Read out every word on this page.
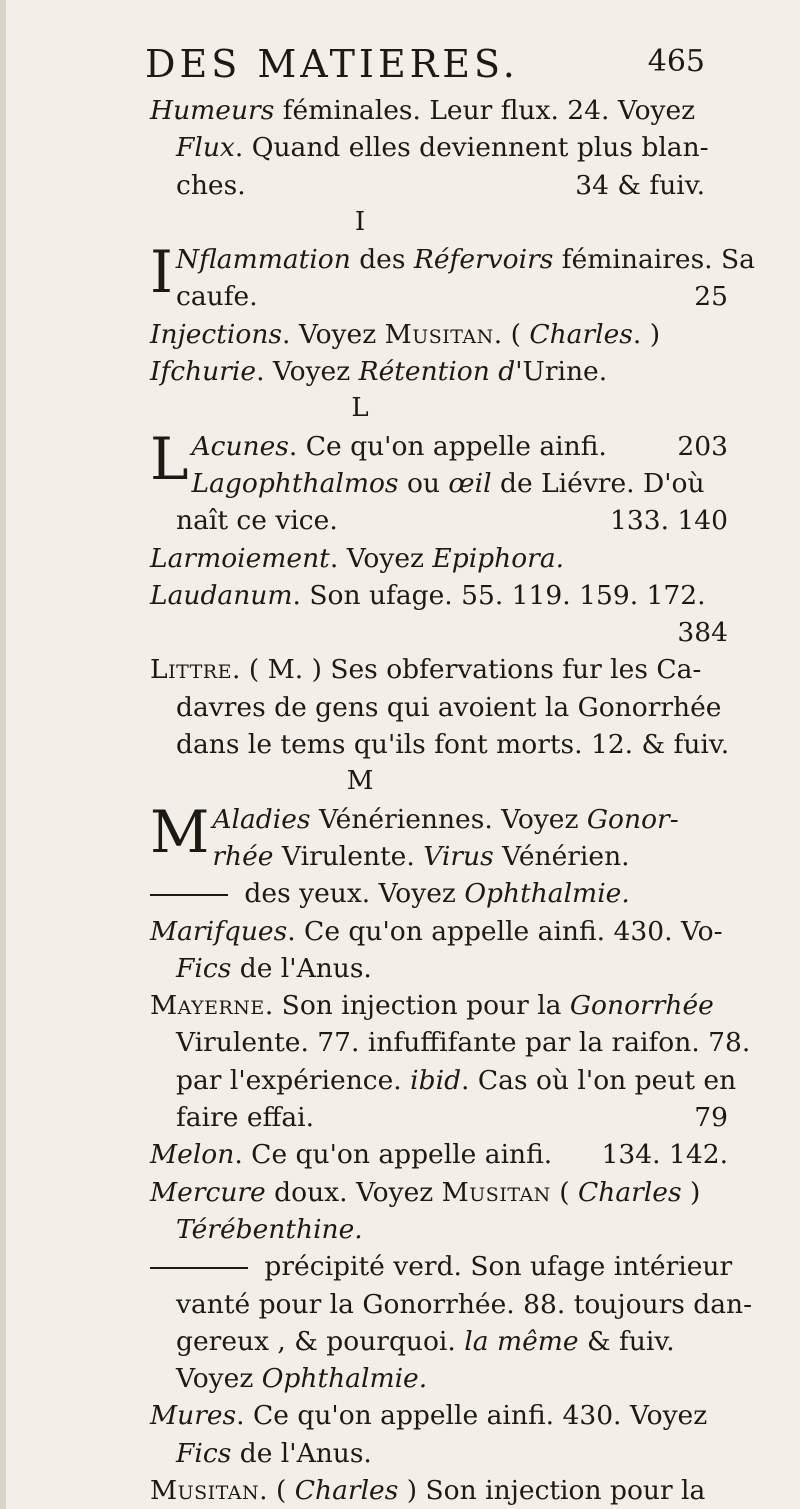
DES MATIERES.	465
Humeurs féminales. Leur flux. 24. Voyez
Flux. Quand elles deviennent plus blan-
ches.	34 & fuiv.
I
I Nflammation des Réfervoirs féminaires. Sa
caufe.	25
Injections. Voyez Musitan. ( Charles. )
Ifchurie. Voyez Rétention d'Urine.
L
L Acunes. Ce qu'on appelle ainfi.	203
Lagophthalmos ou œil de Liévre. D'où
naît ce vice.	133. 140
Larmoiement. Voyez Epiphora.
Laudanum. Son ufage. 55. 119. 159. 172.
384
Littre. ( M. ) Ses obfervations fur les Ca-
davres de gens qui avoient la Gonorrhée
dans le tems qu'ils font morts. 12. & fuiv.
M
M Aladies Vénériennes. Voyez Gonor-
rhée Virulente. Virus Vénérien.
des yeux. Voyez Ophthalmie.
Marifques. Ce qu'on appelle ainfi. 430. Vo-
Fics de l'Anus.
Mayerne. Son injection pour la Gonorrhée
Virulente. 77. infuffifante par la raifon. 78.
par l'expérience. ibid. Cas où l'on peut en
faire effai.	79
Melon. Ce qu'on appelle ainfi. 134. 142.
Mercure doux. Voyez Musitan ( Charles )
Térébenthine.
précipité verd. Son ufage intérieur
vanté pour la Gonorrhée. 88. toujours dan-
gereux , & pourquoi. la même & fuiv.
Voyez Ophthalmie.
Mures. Ce qu'on appelle ainfi. 430. Voyez
Fics de l'Anus.
Musitan. ( Charles ) Son injection pour la
